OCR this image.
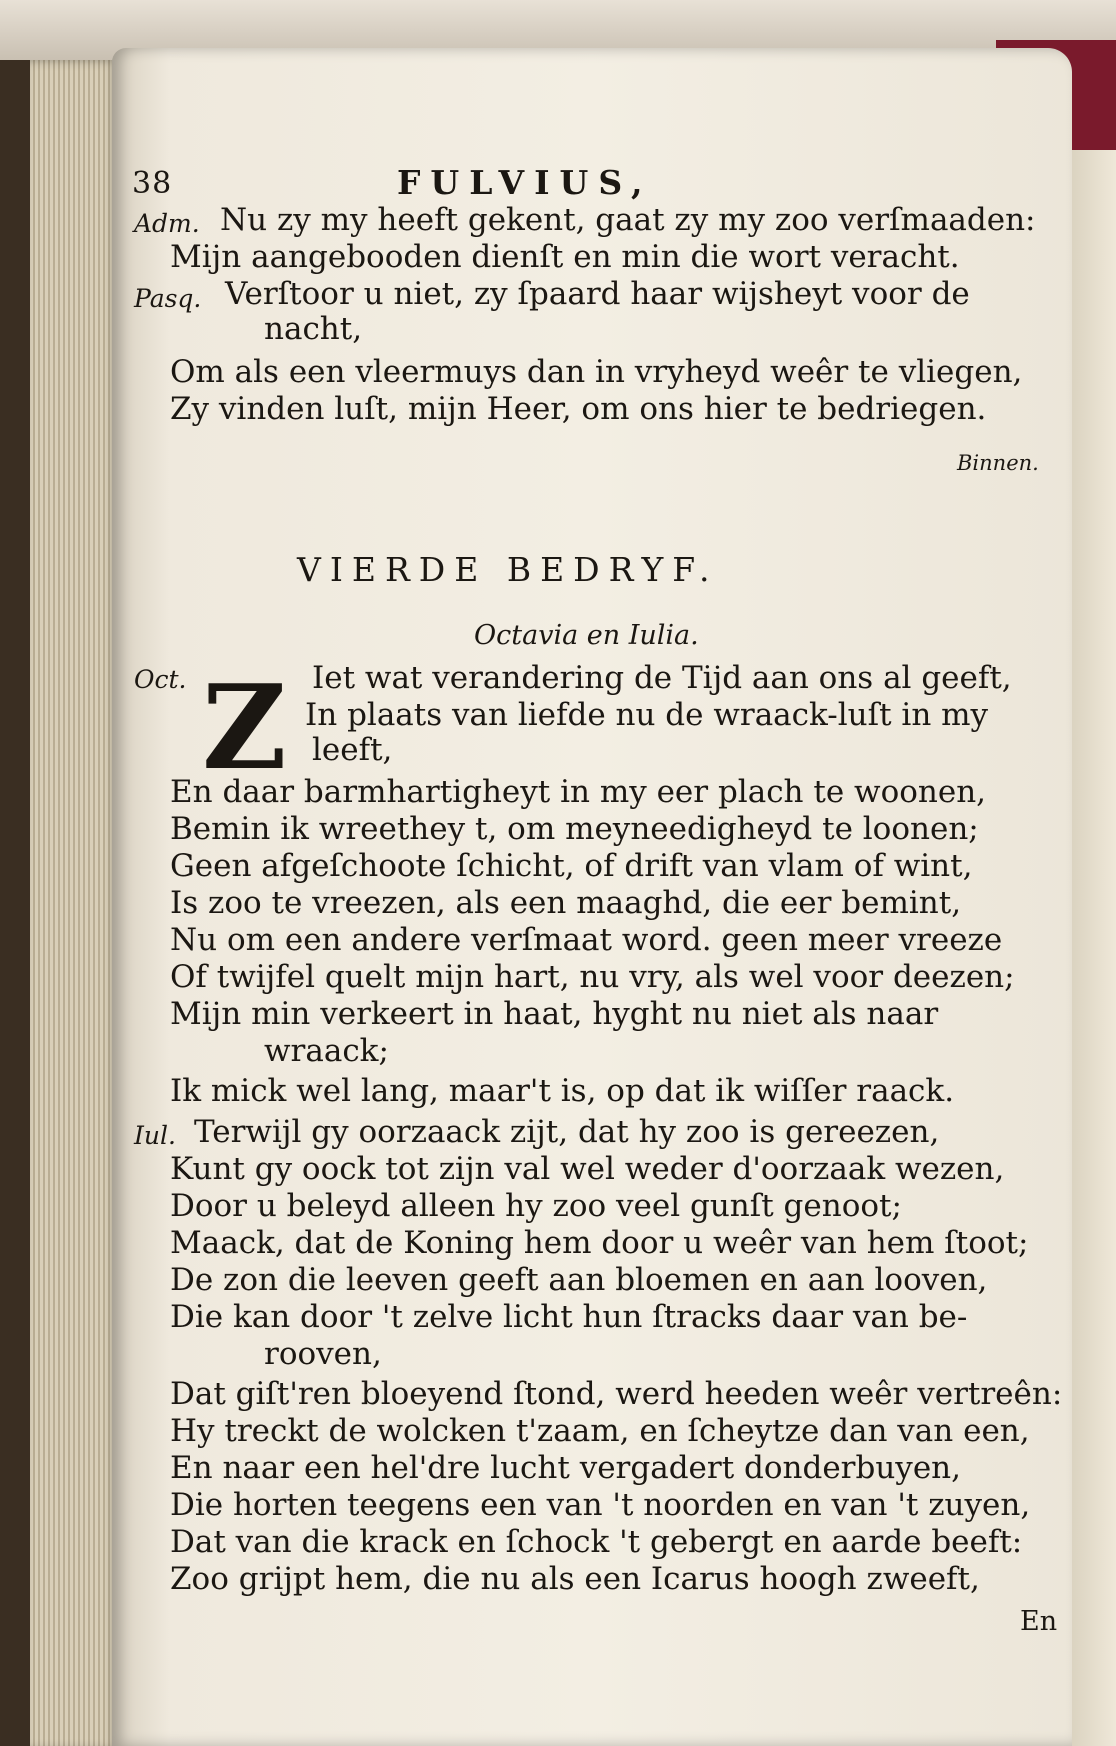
38	FULVIUS,
Adm. Nu zy my heeft gekent, gaat zy my zoo verſmaaden:
Mijn aangebooden dienſt en min die wort veracht.
Pasq. Verſtoor u niet, zy ſpaard haar wijsheyt voor de
nacht,
Om als een vleermuys dan in vryheyd weêr te vliegen,
Zy vinden luſt, mijn Heer, om ons hier te bedriegen.
Binnen.
VIERDE BEDRYF.
Octavia en Iulia.
Oct. Z Iet wat verandering de Tijd aan ons al geeft,
In plaats van liefde nu de wraack-luſt in my
leeft,
En daar barmhartigheyt in my eer plach te woonen,
Bemin ik wreethey t, om meyneedigheyd te loonen;
Geen afgeſchoote ſchicht, of drift van vlam of wint,
Is zoo te vreezen, als een maaghd, die eer bemint,
Nu om een andere verſmaat word. geen meer vreeze
Of twijfel quelt mijn hart, nu vry, als wel voor deezen;
Mijn min verkeert in haat, hyght nu niet als naar
wraack;
Ik mick wel lang, maar't is, op dat ik wiſſer raack.
Iul. Terwijl gy oorzaack zijt, dat hy zoo is gereezen,
Kunt gy oock tot zijn val wel weder d'oorzaak wezen,
Door u beleyd alleen hy zoo veel gunſt genoot;
Maack, dat de Koning hem door u weêr van hem ſtoot;
De zon die leeven geeft aan bloemen en aan looven,
Die kan door 't zelve licht hun ſtracks daar van be-
rooven,
Dat giſt'ren bloeyend ſtond, werd heeden weêr vertreên:
Hy treckt de wolcken t'zaam, en ſcheytze dan van een,
En naar een hel'dre lucht vergadert donderbuyen,
Die horten teegens een van 't noorden en van 't zuyen,
Dat van die krack en ſchock 't gebergt en aarde beeft:
Zoo grijpt hem, die nu als een Icarus hoogh zweeft,
En
